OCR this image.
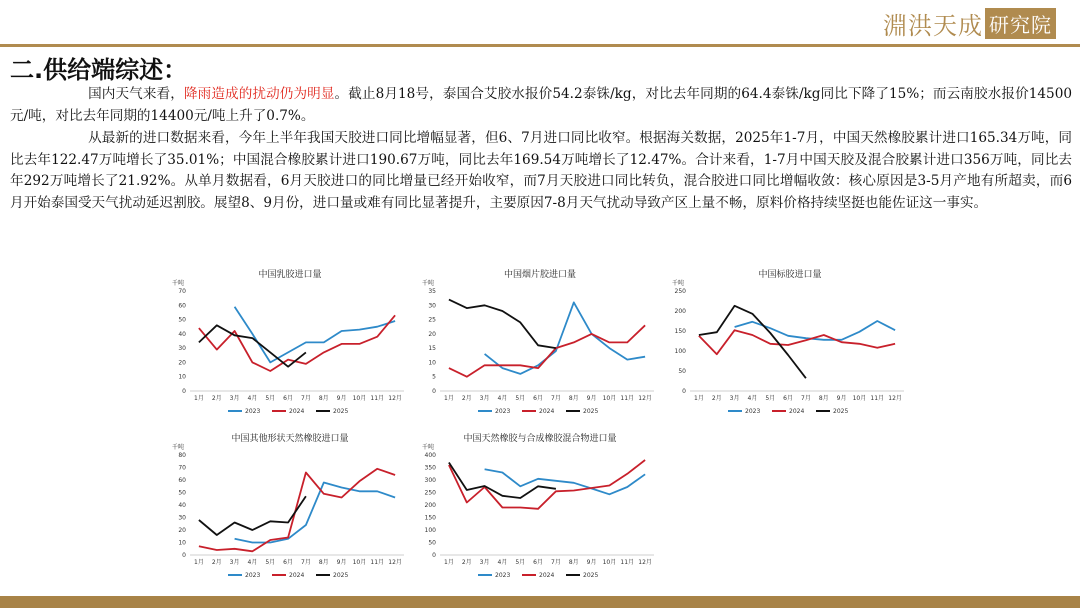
淵洪天成 研究院
二.供给端综述：

国内天气来看，降雨造成的扰动仍为明显。截止8月18号，泰国合艾胶水报价54.2泰铢/kg，对比去年同期的64.4泰铢/kg同比下降了15%；而云南胶水报价14500元/吨，对比去年同期的14400元/吨上升了0.7%。

从最新的进口数据来看，今年上半年我国天胶进口同比增幅显著，但6、7月进口同比收窄。根据海关数据，2025年1-7月，中国天然橡胶累计进口165.34万吨，同比去年122.47万吨增长了35.01%；中国混合橡胶累计进口190.67万吨，同比去年169.54万吨增长了12.47%。合计来看，1-7月中国天胶及混合胶累计进口356万吨，同比去年292万吨增长了21.92%。从单月数据看，6月天胶进口的同比增量已经开始收窄，而7月天胶进口同比转负，混合胶进口同比增幅收敛：核心原因是3-5月产地有所超卖，而6月开始泰国受天气扰动延迟割胶。展望8、9月份，进口量或难有同比显著提升，主要原因7-8月天气扰动导致产区上量不畅，原料价格持续坚挺也能佐证这一事实。

中国乳胶进口量
千吨
0
10
20
30
40
50
60
70
1月 2月 3月 4月 5月 6月 7月 8月 9月 10月 11月 12月
2023	2024	2025
中国烟片胶进口量
千吨
0
5
10
15
20
25
30
35
1月 2月 3月 4月 5月 6月 7月 8月 9月 10月 11月 12月
2023	2024	2025
中国标胶进口量
千吨
0
50
100
150
200
250
1月 2月 3月 4月 5月 6月 7月 8月 9月 10月 11月 12月
2023	2024	2025
中国其他形状天然橡胶进口量
千吨
0
10
20
30
40
50
60
70
80
1月 2月 3月 4月 5月 6月 7月 8月 9月 10月 11月 12月
2023	2024	2025
中国天然橡胶与合成橡胶混合物进口量
千吨
0
50
100
150
200
250
300
350
400
1月 2月 3月 4月 5月 6月 7月 8月 9月 10月 11月 12月
2023	2024	2025
